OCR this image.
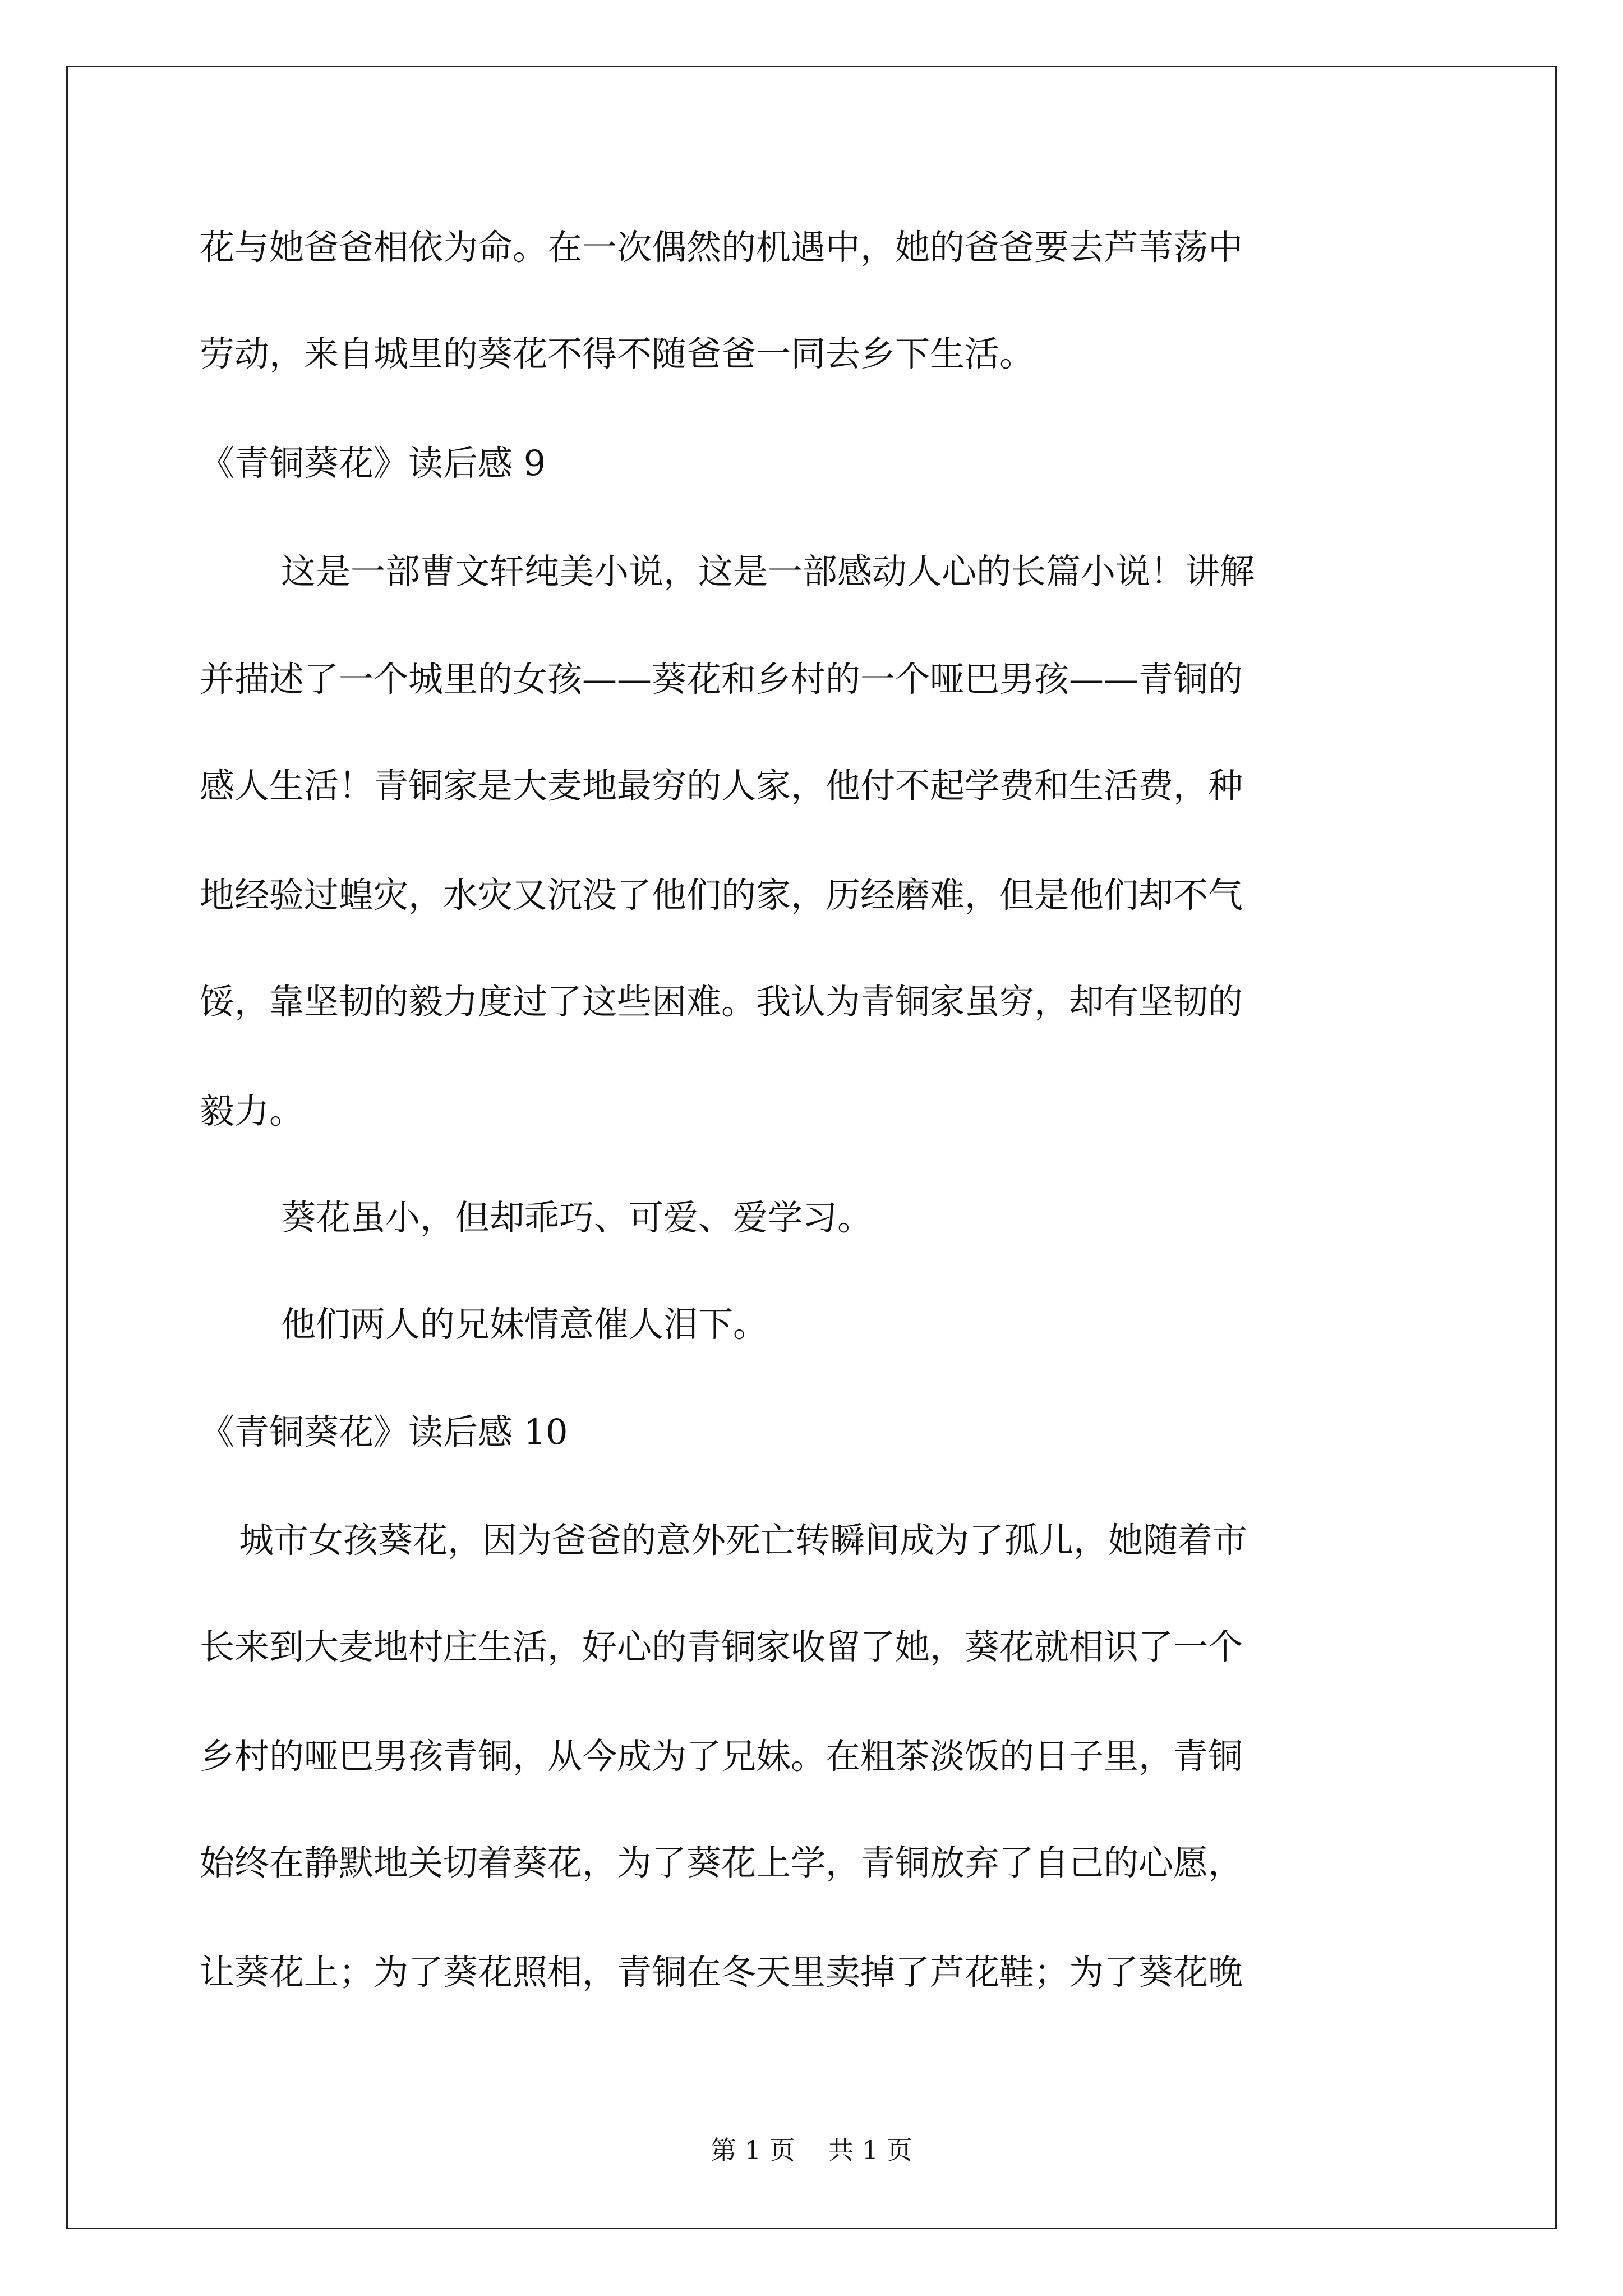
花与她爸爸相依为命。在一次偶然的机遇中，她的爸爸要去芦苇荡中
劳动，来自城里的葵花不得不随爸爸一同去乡下生活。
《青铜葵花》读后感 9
这是一部曹文轩纯美小说，这是一部感动人心的长篇小说！讲解
并描述了一个城里的女孩——葵花和乡村的一个哑巴男孩——青铜的
感人生活！青铜家是大麦地最穷的人家，他付不起学费和生活费，种
地经验过蝗灾，水灾又沉没了他们的家，历经磨难，但是他们却不气
馁，靠坚韧的毅力度过了这些困难。我认为青铜家虽穷，却有坚韧的
毅力。
葵花虽小，但却乖巧、可爱、爱学习。
他们两人的兄妹情意催人泪下。
《青铜葵花》读后感 10
城市女孩葵花，因为爸爸的意外死亡转瞬间成为了孤儿，她随着市
长来到大麦地村庄生活，好心的青铜家收留了她，葵花就相识了一个
乡村的哑巴男孩青铜，从今成为了兄妹。在粗茶淡饭的日子里，青铜
始终在静默地关切着葵花，为了葵花上学，青铜放弃了自己的心愿，
让葵花上；为了葵花照相，青铜在冬天里卖掉了芦花鞋；为了葵花晚
第 1 页    共 1 页
